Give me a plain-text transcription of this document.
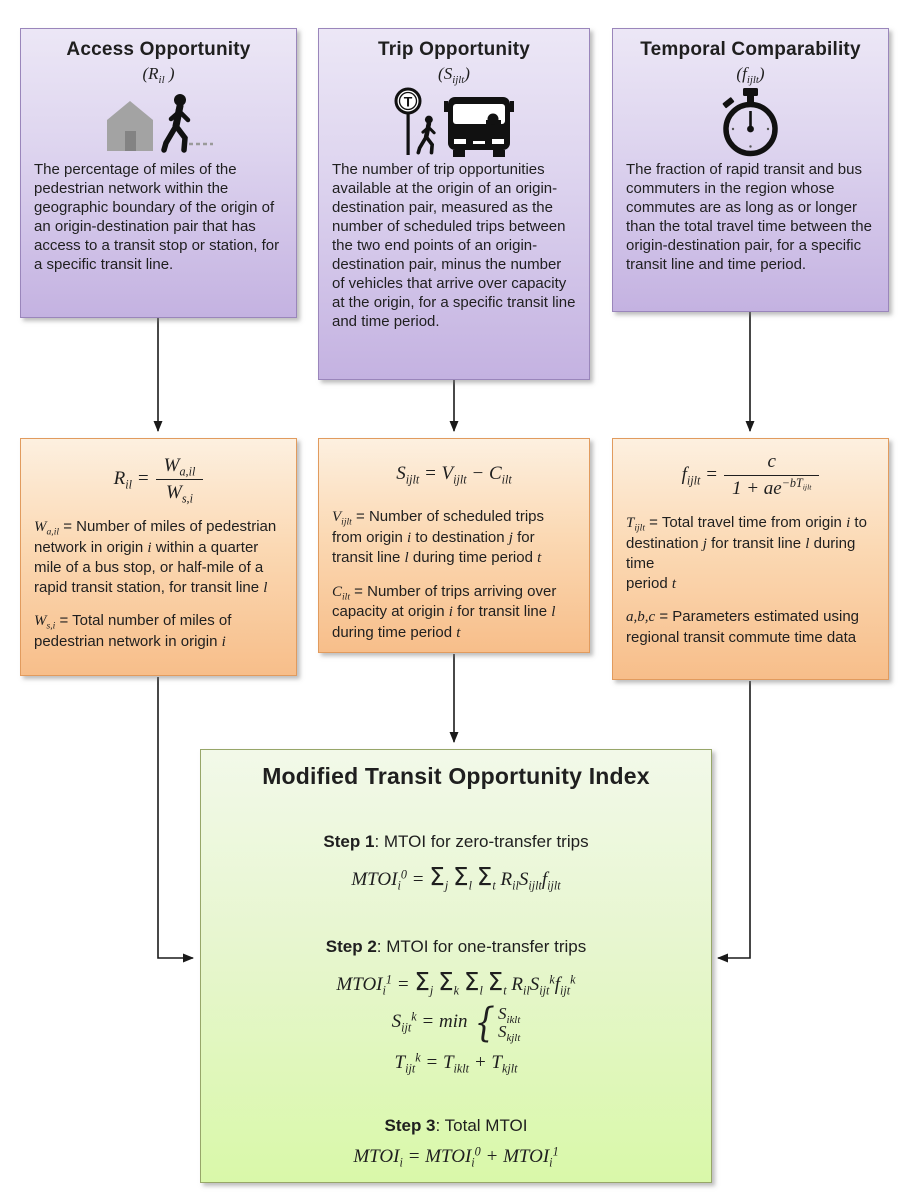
Access Opportunity
($R_{il}$ )
The percentage of miles of the pedestrian network within the geographic boundary of the origin of an origin-destination pair that has access to a transit stop or station, for a specific transit line.
Trip Opportunity
$(S_{ijlt})$
T
The number of trip opportunities available at the origin of an origin-destination pair, measured as the number of scheduled trips between the two end points of an origin-destination pair, minus the number of vehicles that arrive over capacity at the origin, for a specific transit line and time period.
Temporal Comparability
$(f_{ijlt})$
The fraction of rapid transit and bus commuters in the region whose commutes are as long as or longer than the total travel time between the origin-destination pair, for a specific transit line and time period.
$R_{il} = \frac{W_{a,il}}{W_{s,i}}$
$W_{a,il}$ = Number of miles of pedestrian network in origin i within a quarter mile of a bus stop, or half-mile of a rapid transit station, for transit line l
$W_{s,i}$ = Total number of miles of pedestrian network in origin i
$S_{ijlt} = V_{ijlt} - C_{ilt}$
$V_{ijlt}$ = Number of scheduled trips from origin i to destination j for transit line l during time period t
$C_{ilt}$ = Number of trips arriving over capacity at origin i for transit line l during time period t
$f_{ijlt} = \frac{c}{1 + ae^{-bT_{ijlt}}}$
$T_{ijlt}$ = Total travel time from origin i to destination j for transit line l during time
period t
a,b,c = Parameters estimated using regional transit commute time data
Modified Transit Opportunity Index
Step 1: MTOI for zero-transfer trips
$MTOI_i^0 = \Sigma_j$ $\Sigma_l$ $\Sigma_t$ $R_{il}S_{ijlt}f_{ijlt}$
Step 2: MTOI for one-transfer trips
$MTOI_i^1 = \Sigma_j$ $\Sigma_k$ $\Sigma_l$ $\Sigma_t$ $R_{il}S_{ijt}^kf_{ijt}^k$
$S_{ijt}^k = \min$ { $S_{iklt}$
$S_{kjlt}$
$T_{ijt}^k = T_{iklt} + T_{kjlt}$
Step 3: Total MTOI
$MTOI_i$ = $MTOI_i^0$ + $MTOI_i^1$
